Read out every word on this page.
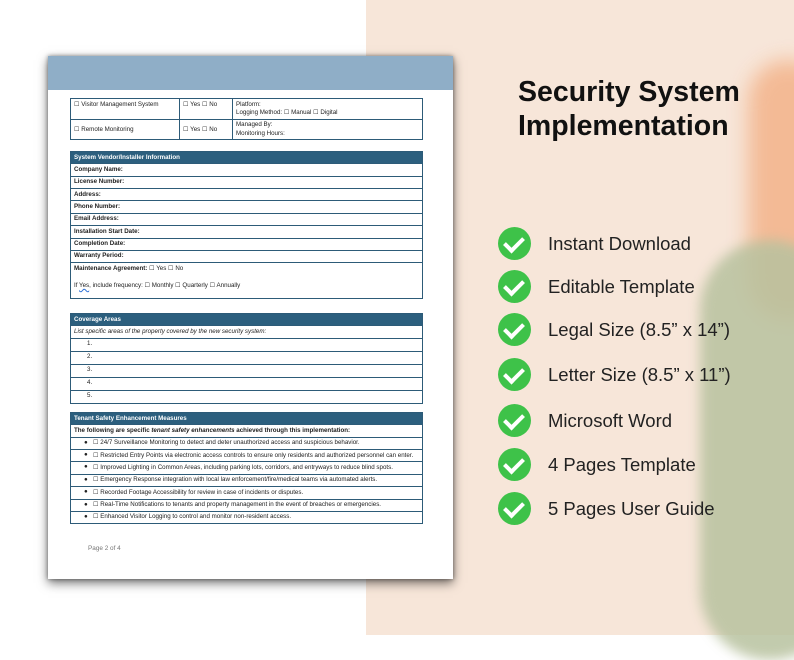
☐ Visitor Management System	☐ Yes ☐ No	Platform:
Logging Method: ☐ Manual ☐ Digital

☐ Remote Monitoring	☐ Yes ☐ No	Managed By:
Monitoring Hours:
System Vendor/Installer Information
Company Name:
License Number:
Address:
Phone Number:
Email Address:
Installation Start Date:
Completion Date:
Warranty Period:
Maintenance Agreement: ☐ Yes ☐ No
If Yes, include frequency: ☐ Monthly ☐ Quarterly ☐ Annually
Coverage Areas
List specific areas of the property covered by the new security system:
1.
2.
3.
4.
5.
Tenant Safety Enhancement Measures
The following are specific tenant safety enhancements achieved through this implementation:

● ☐ 24/7 Surveillance Monitoring to detect and deter unauthorized access and suspicious behavior.

● ☐ Restricted Entry Points via electronic access controls to ensure only residents and authorized personnel can enter.

● ☐ Improved Lighting in Common Areas, including parking lots, corridors, and entryways to reduce blind spots.

● ☐ Emergency Response integration with local law enforcement/fire/medical teams via automated alerts.

● ☐ Recorded Footage Accessibility for review in case of incidents or disputes.

● ☐ Real-Time Notifications to tenants and property management in the event of breaches or emergencies.

● ☐ Enhanced Visitor Logging to control and monitor non-resident access.
Page 2 of 4
Security System
Implementation
Instant Download
Editable Template
Legal Size (8.5” x 14”)
Letter Size (8.5” x 11”)
Microsoft Word
4 Pages Template
5 Pages User Guide
